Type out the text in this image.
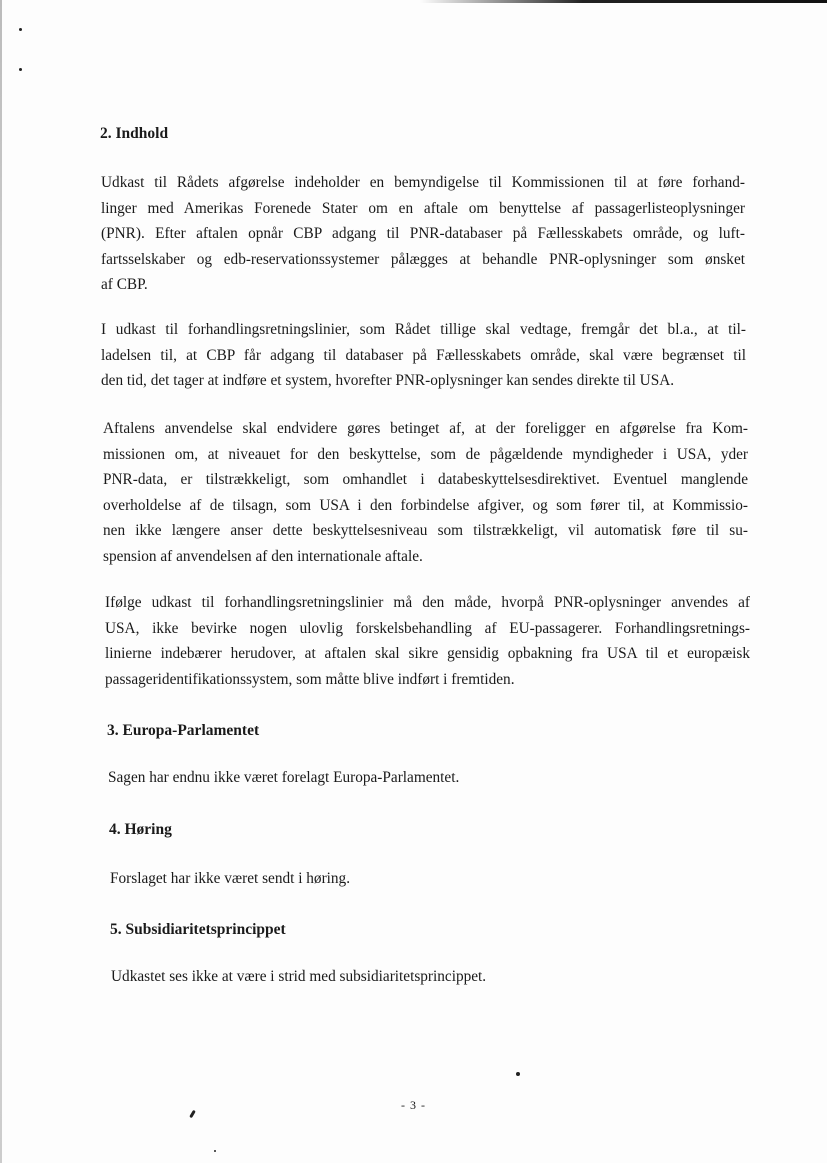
2. Indhold
Udkast til Rådets afgørelse indeholder en bemyndigelse til Kommissionen til at føre forhand-
linger med Amerikas Forenede Stater om en aftale om benyttelse af passagerlisteoplysninger
(PNR). Efter aftalen opnår CBP adgang til PNR-databaser på Fællesskabets område, og luft-
fartsselskaber og edb-reservationssystemer pålægges at behandle PNR-oplysninger som ønsket
af CBP.
I udkast til forhandlingsretningslinier, som Rådet tillige skal vedtage, fremgår det bl.a., at til-
ladelsen til, at CBP får adgang til databaser på Fællesskabets område, skal være begrænset til
den tid, det tager at indføre et system, hvorefter PNR-oplysninger kan sendes direkte til USA.
Aftalens anvendelse skal endvidere gøres betinget af, at der foreligger en afgørelse fra Kom-
missionen om, at niveauet for den beskyttelse, som de pågældende myndigheder i USA, yder
PNR-data, er tilstrækkeligt, som omhandlet i databeskyttelsesdirektivet. Eventuel manglende
overholdelse af de tilsagn, som USA i den forbindelse afgiver, og som fører til, at Kommissio-
nen ikke længere anser dette beskyttelsesniveau som tilstrækkeligt, vil automatisk føre til su-
spension af anvendelsen af den internationale aftale.
Ifølge udkast til forhandlingsretningslinier må den måde, hvorpå PNR-oplysninger anvendes af
USA, ikke bevirke nogen ulovlig forskelsbehandling af EU-passagerer. Forhandlingsretnings-
linierne indebærer herudover, at aftalen skal sikre gensidig opbakning fra USA til et europæisk
passageridentifikationssystem, som måtte blive indført i fremtiden.
3. Europa-Parlamentet
Sagen har endnu ikke været forelagt Europa-Parlamentet.
4. Høring
Forslaget har ikke været sendt i høring.
5. Subsidiaritetsprincippet
Udkastet ses ikke at være i strid med subsidiaritetsprincippet.
- 3 -
